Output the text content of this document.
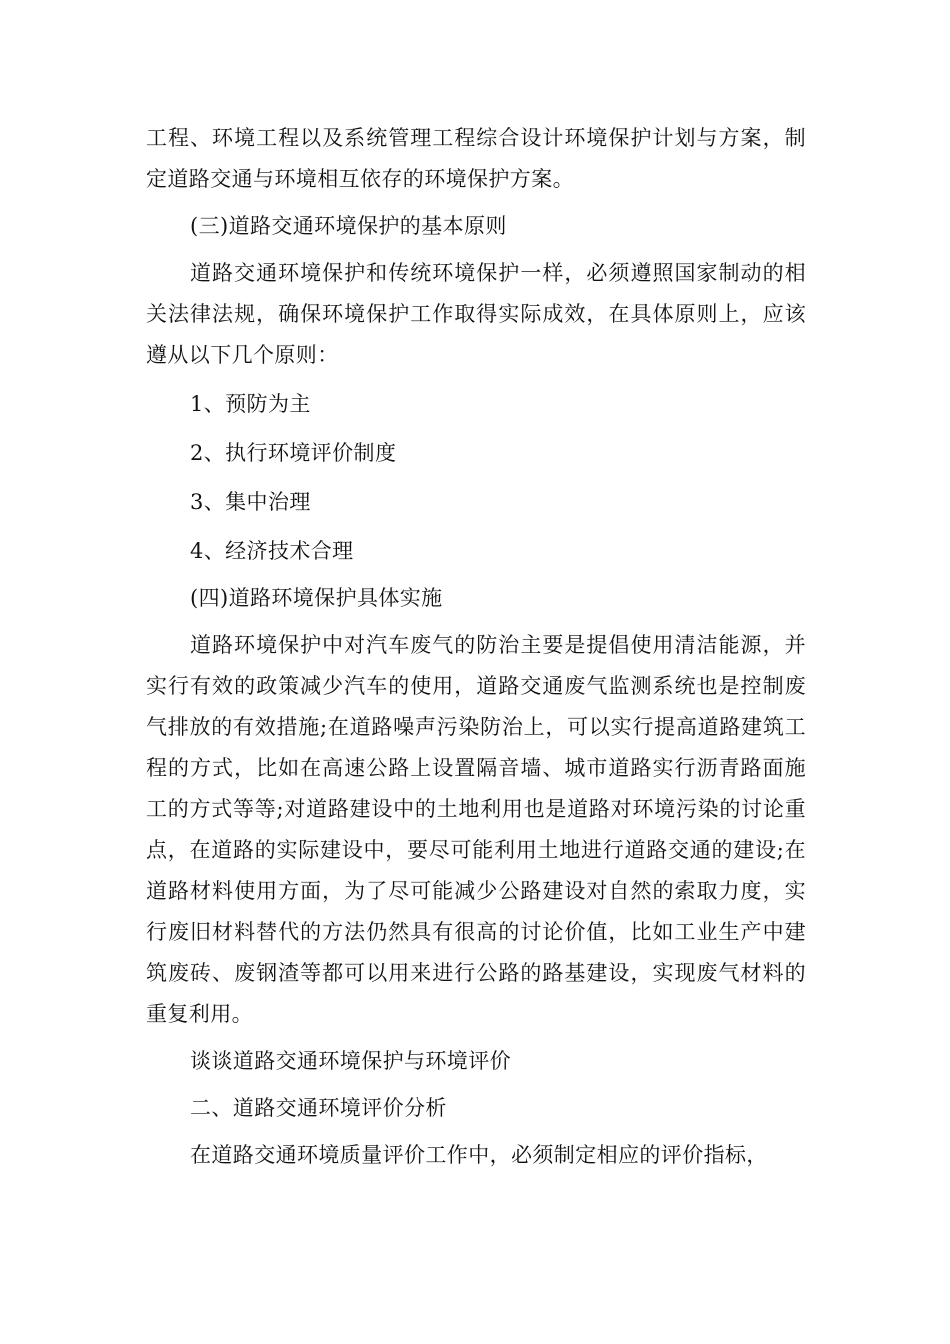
工程、环境工程以及系统管理工程综合设计环境保护计划与方案，制定道路交通与环境相互依存的环境保护方案。

(三)道路交通环境保护的基本原则

道路交通环境保护和传统环境保护一样，必须遵照国家制动的相关法律法规，确保环境保护工作取得实际成效，在具体原则上，应该遵从以下几个原则：

1、预防为主

2、执行环境评价制度

3、集中治理

4、经济技术合理

(四)道路环境保护具体实施

道路环境保护中对汽车废气的防治主要是提倡使用清洁能源，并实行有效的政策减少汽车的使用，道路交通废气监测系统也是控制废气排放的有效措施;在道路噪声污染防治上，可以实行提高道路建筑工程的方式，比如在高速公路上设置隔音墙、城市道路实行沥青路面施工的方式等等;对道路建设中的土地利用也是道路对环境污染的讨论重点，在道路的实际建设中，要尽可能利用土地进行道路交通的建设;在道路材料使用方面，为了尽可能减少公路建设对自然的索取力度，实行废旧材料替代的方法仍然具有很高的讨论价值，比如工业生产中建筑废砖、废钢渣等都可以用来进行公路的路基建设，实现废气材料的重复利用。

谈谈道路交通环境保护与环境评价

二、道路交通环境评价分析

在道路交通环境质量评价工作中，必须制定相应的评价指标，
